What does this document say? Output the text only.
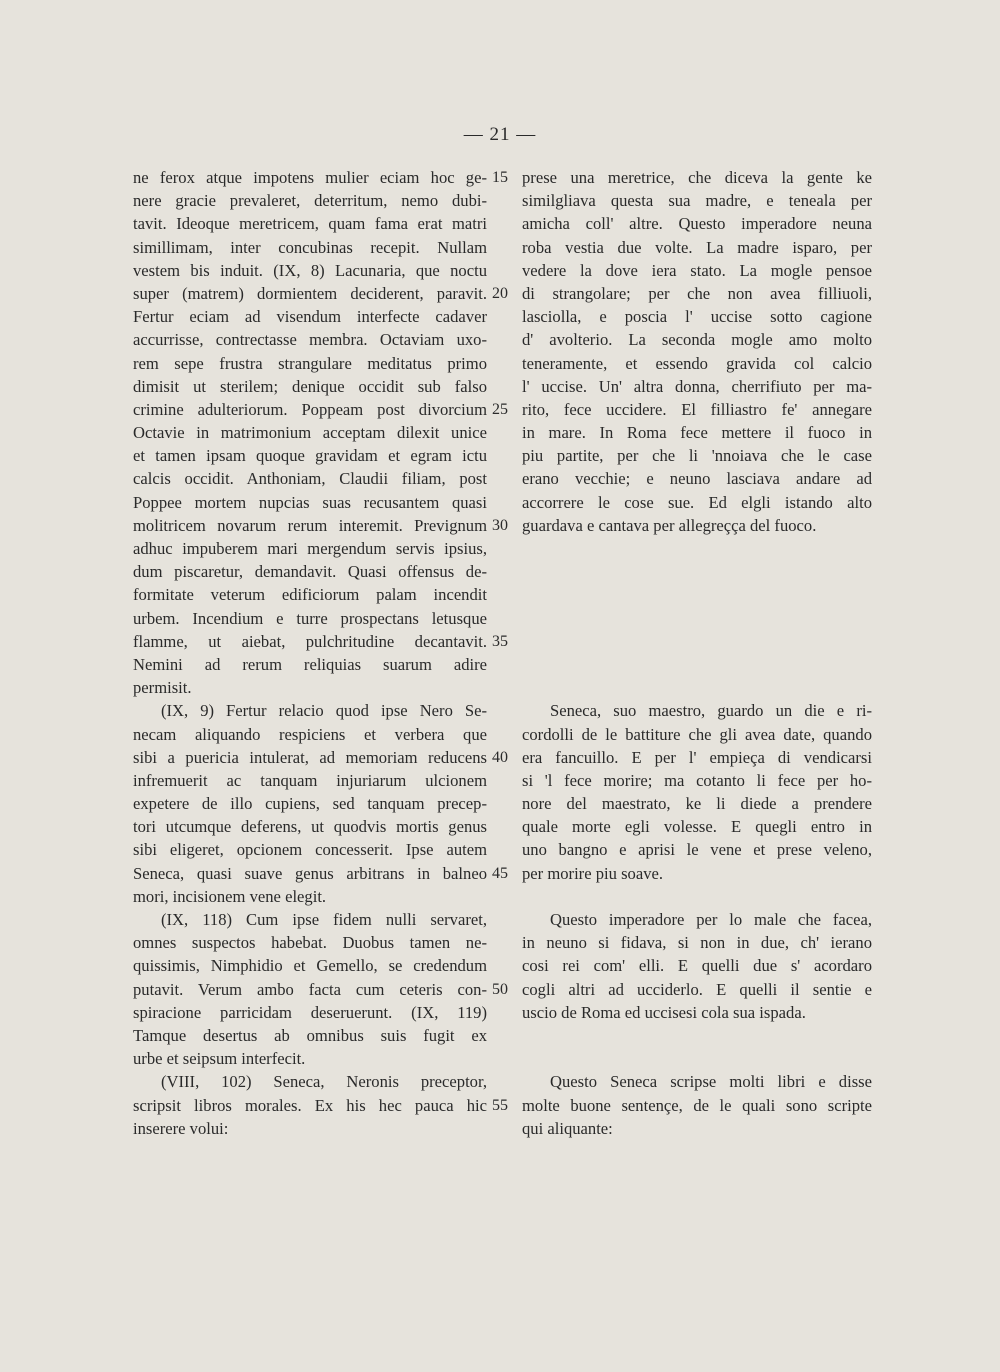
— 21 —
ne ferox atque impotens mulier eciam hoc ge-
nere gracie prevaleret, deterritum, nemo dubi-
tavit. Ideoque meretricem, quam fama erat matri
simillimam, inter concubinas recepit. Nullam
vestem bis induit. (IX, 8) Lacunaria, que noctu
super (matrem) dormientem deciderent, paravit.
Fertur eciam ad visendum interfecte cadaver
accurrisse, contrectasse membra. Octaviam uxo-
rem sepe frustra strangulare meditatus primo
dimisit ut sterilem; denique occidit sub falso
crimine adulteriorum. Poppeam post divorcium
Octavie in matrimonium acceptam dilexit unice
et tamen ipsam quoque gravidam et egram ictu
calcis occidit. Anthoniam, Claudii filiam, post
Poppee mortem nupcias suas recusantem quasi
molitricem novarum rerum interemit. Prevignum
adhuc impuberem mari mergendum servis ipsius,
dum piscaretur, demandavit. Quasi offensus de-
formitate veterum edificiorum palam incendit
urbem. Incendium e turre prospectans letusque
flamme, ut aiebat, pulchritudine decantavit.
Nemini ad rerum reliquias suarum adire
permisit.
(IX, 9) Fertur relacio quod ipse Nero Se-
necam aliquando respiciens et verbera que
sibi a puericia intulerat, ad memoriam reducens
infremuerit ac tanquam injuriarum ulcionem
expetere de illo cupiens, sed tanquam precep-
tori utcumque deferens, ut quodvis mortis genus
sibi eligeret, opcionem concesserit. Ipse autem
Seneca, quasi suave genus arbitrans in balneo
mori, incisionem vene elegit.
(IX, 118) Cum ipse fidem nulli servaret,
omnes suspectos habebat. Duobus tamen ne-
quissimis, Nimphidio et Gemello, se credendum
putavit. Verum ambo facta cum ceteris con-
spiracione parricidam deseruerunt. (IX, 119)
Tamque desertus ab omnibus suis fugit ex
urbe et seipsum interfecit.
(VIII, 102) Seneca, Neronis preceptor,
scripsit libros morales. Ex his hec pauca hic
inserere volui:
15
20
25
30
35
40
45
50
55
prese una meretrice, che diceva la gente ke
similgliava questa sua madre, e teneala per
amicha coll' altre. Questo imperadore neuna
roba vestia due volte. La madre isparo, per
vedere la dove iera stato. La mogle pensoe
di strangolare; per che non avea filliuoli,
lasciolla, e poscia l' uccise sotto cagione
d' avolterio. La seconda mogle amo molto
teneramente, et essendo gravida col calcio
l' uccise. Un' altra donna, cherrifiuto per ma-
rito, fece uccidere. El filliastro fe' annegare
in mare. In Roma fece mettere il fuoco in
piu partite, per che li 'nnoiava che le case
erano vecchie; e neuno lasciava andare ad
accorrere le cose sue. Ed elgli istando alto
guardava e cantava per allegreçça del fuoco.
Seneca, suo maestro, guardo un die e ri-
cordolli de le battiture che gli avea date, quando
era fancuillo. E per l' empieça di vendicarsi
si 'l fece morire; ma cotanto li fece per ho-
nore del maestrato, ke li diede a prendere
quale morte egli volesse. E quegli entro in
uno bangno e aprisi le vene et prese veleno,
per morire piu soave.
Questo imperadore per lo male che facea,
in neuno si fidava, si non in due, ch' ierano
cosi rei com' elli. E quelli due s' acordaro
cogli altri ad ucciderlo. E quelli il sentie e
uscio de Roma ed uccisesi cola sua ispada.
Questo Seneca scripse molti libri e disse
molte buone sentençe, de le quali sono scripte
qui aliquante:
